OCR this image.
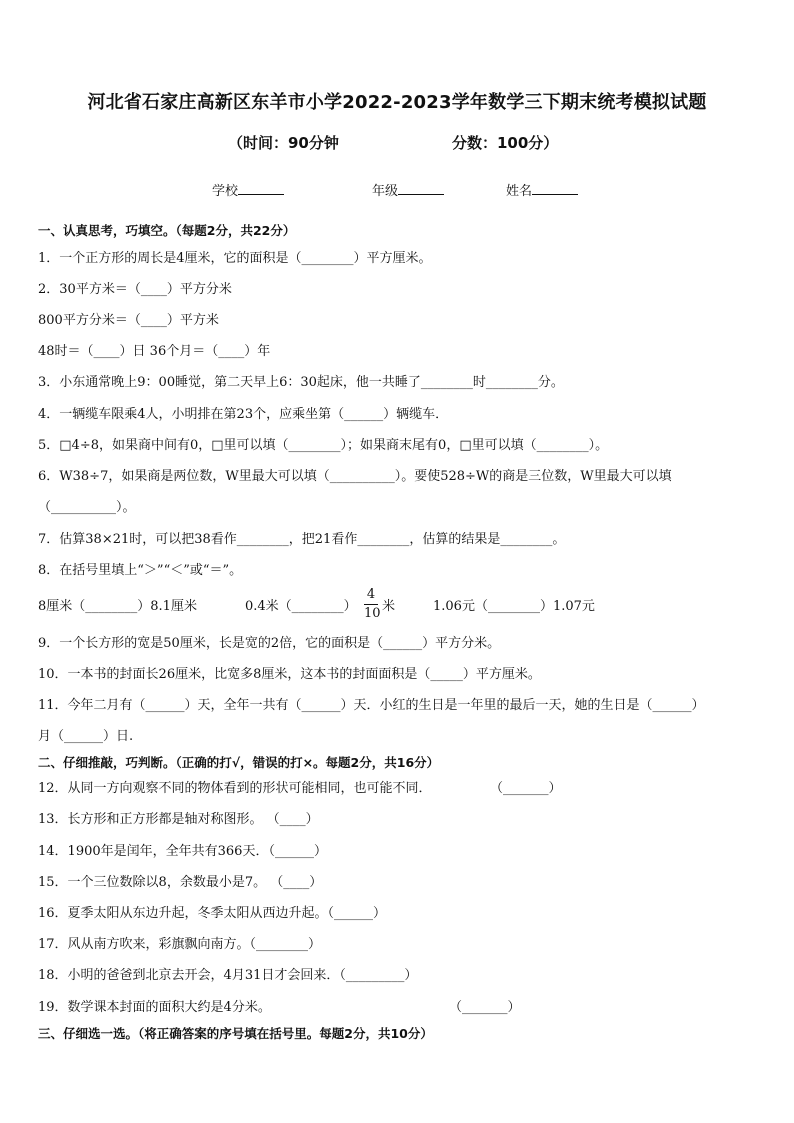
河北省石家庄高新区东羊市小学2022-2023学年数学三下期末统考模拟试题
（时间：90分钟	分数：100分）
学校	年级	姓名
一、认真思考，巧填空。（每题2分，共22分）
1．一个正方形的周长是4厘米，它的面积是（________）平方厘米。
2．30平方米＝（____）平方分米
800平方分米＝（____）平方米
48时＝（____）日 36个月＝（____）年
3．小东通常晚上9：00睡觉，第二天早上6：30起床，他一共睡了________时________分。
4．一辆缆车限乘4人，小明排在第23个，应乘坐第（______）辆缆车．
5．□4÷8，如果商中间有0，□里可以填（________）；如果商末尾有0，□里可以填（________）。
6．W38÷7，如果商是两位数，W里最大可以填（__________）。要使528÷W的商是三位数，W里最大可以填
（__________）。
7．估算38×21时，可以把38看作________，把21看作________，估算的结果是________。
8．在括号里填上“＞”“＜”或“＝”。
8厘米（________）8.1厘米	0.4米（________）
4
10 米	1.06元（________）1.07元
9．一个长方形的宽是50厘米，长是宽的2倍，它的面积是（______）平方分米。
10．一本书的封面长26厘米，比宽多8厘米，这本书的封面面积是（_____）平方厘米。
11．今年二月有（______）天，全年一共有（______）天．小红的生日是一年里的最后一天，她的生日是（______）
月（______）日.
二、仔细推敲，巧判断。（正确的打√，错误的打×。每题2分，共16分）
12．从同一方向观察不同的物体看到的形状可能相同，也可能不同．	（_______）
13．长方形和正方形都是轴对称图形。 （____）
14．1900年是闰年，全年共有366天．（______）
15．一个三位数除以8，余数最小是7。 （____）
16．夏季太阳从东边升起，冬季太阳从西边升起。（______）
17．风从南方吹来，彩旗飘向南方。（________）
18．小明的爸爸到北京去开会，4月31日才会回来．（_________）
19．数学课本封面的面积大约是4分米。	（_______）
三、仔细选一选。（将正确答案的序号填在括号里。每题2分，共10分）
